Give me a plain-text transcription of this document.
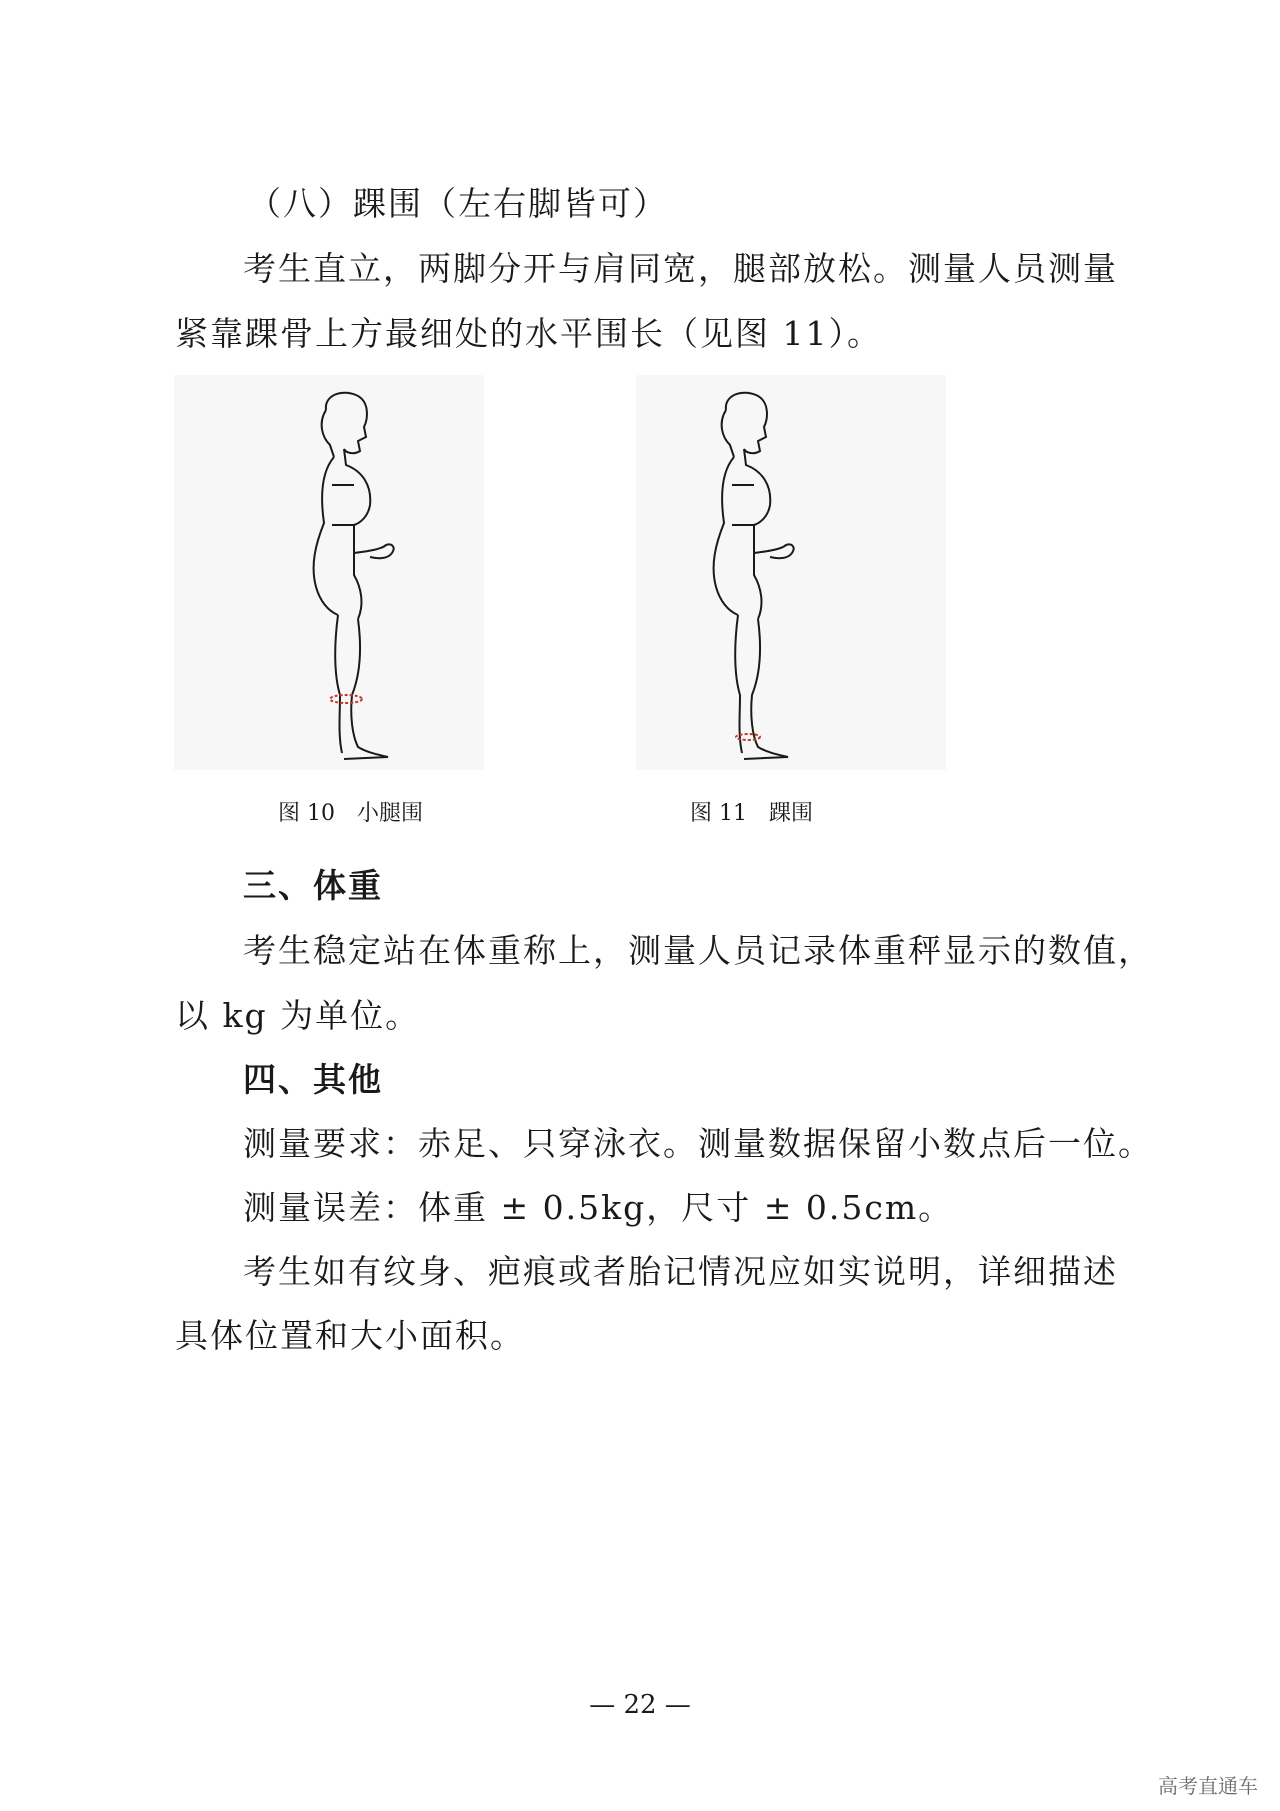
（八）踝围（左右脚皆可）
考生直立，两脚分开与肩同宽，腿部放松。测量人员测量
紧靠踝骨上方最细处的水平围长（见图 11）。
图 10　小腿围	图 11　踝围
三、体重
考生稳定站在体重称上，测量人员记录体重秤显示的数值，
以 kg 为单位。
四、其他
测量要求：赤足、只穿泳衣。测量数据保留小数点后一位。
测量误差：体重 ± 0.5kg，尺寸 ± 0.5cm。
考生如有纹身、疤痕或者胎记情况应如实说明，详细描述
具体位置和大小面积。
— 22 —
高考直通车
